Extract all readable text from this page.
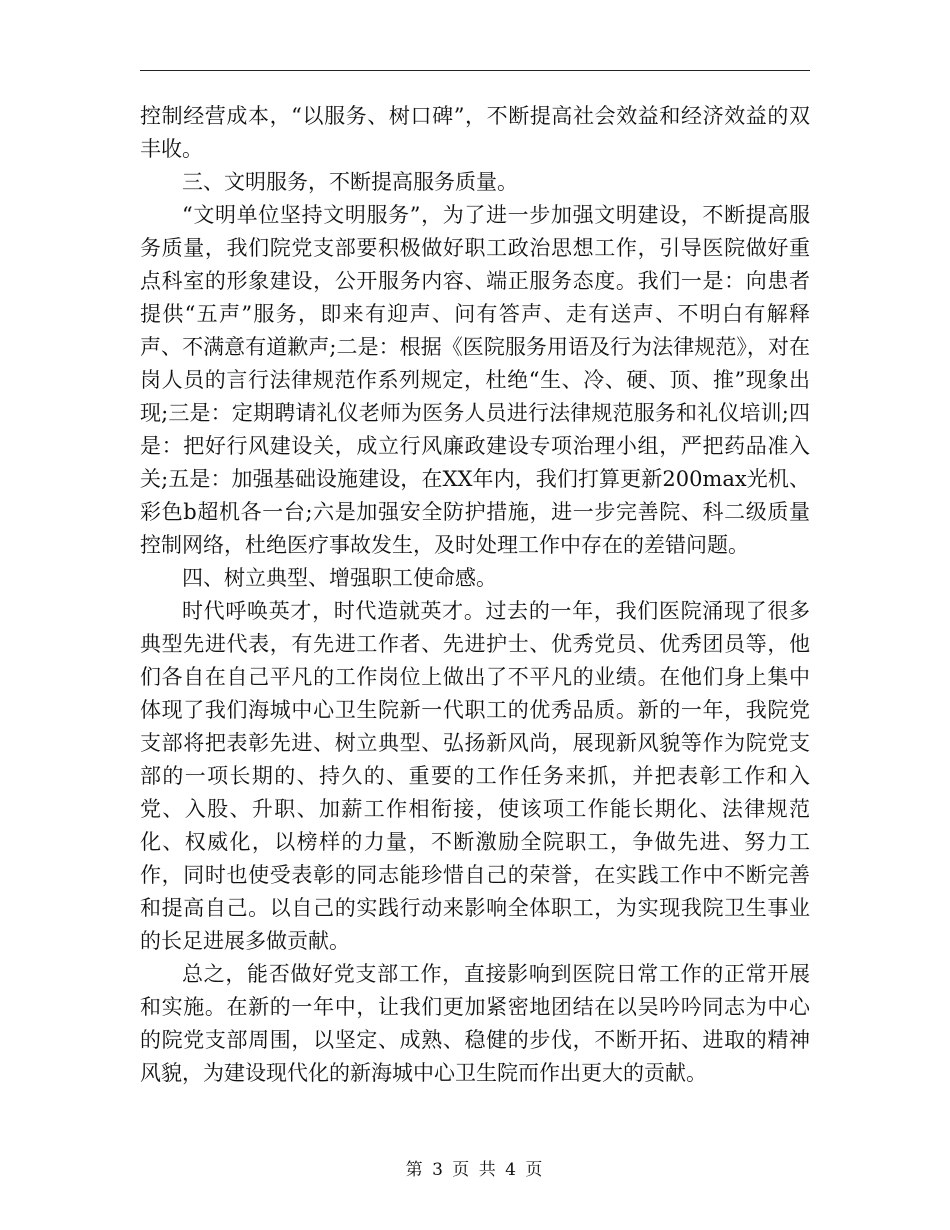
控制经营成本，“以服务、树口碑”，不断提高社会效益和经济效益的双丰收。

三、文明服务，不断提高服务质量。

“文明单位坚持文明服务”，为了进一步加强文明建设，不断提高服务质量，我们院党支部要积极做好职工政治思想工作，引导医院做好重点科室的形象建设，公开服务内容、端正服务态度。我们一是：向患者提供“五声”服务，即来有迎声、问有答声、走有送声、不明白有解释声、不满意有道歉声;二是：根据《医院服务用语及行为法律规范》，对在岗人员的言行法律规范作系列规定，杜绝“生、冷、硬、顶、推”现象出现;三是：定期聘请礼仪老师为医务人员进行法律规范服务和礼仪培训;四是：把好行风建设关，成立行风廉政建设专项治理小组，严把药品准入关;五是：加强基础设施建设，在XX年内，我们打算更新200max光机、彩色b超机各一台;六是加强安全防护措施，进一步完善院、科二级质量控制网络，杜绝医疗事故发生，及时处理工作中存在的差错问题。

四、树立典型、增强职工使命感。

时代呼唤英才，时代造就英才。过去的一年，我们医院涌现了很多典型先进代表，有先进工作者、先进护士、优秀党员、优秀团员等，他们各自在自己平凡的工作岗位上做出了不平凡的业绩。在他们身上集中体现了我们海城中心卫生院新一代职工的优秀品质。新的一年，我院党支部将把表彰先进、树立典型、弘扬新风尚，展现新风貌等作为院党支部的一项长期的、持久的、重要的工作任务来抓，并把表彰工作和入党、入股、升职、加薪工作相衔接，使该项工作能长期化、法律规范化、权威化，以榜样的力量，不断激励全院职工，争做先进、努力工作，同时也使受表彰的同志能珍惜自己的荣誉，在实践工作中不断完善和提高自己。以自己的实践行动来影响全体职工，为实现我院卫生事业的长足进展多做贡献。

总之，能否做好党支部工作，直接影响到医院日常工作的正常开展和实施。在新的一年中，让我们更加紧密地团结在以吴吟吟同志为中心的院党支部周围，以坚定、成熟、稳健的步伐，不断开拓、进取的精神风貌，为建设现代化的新海城中心卫生院而作出更大的贡献。

第 3 页 共 4 页
